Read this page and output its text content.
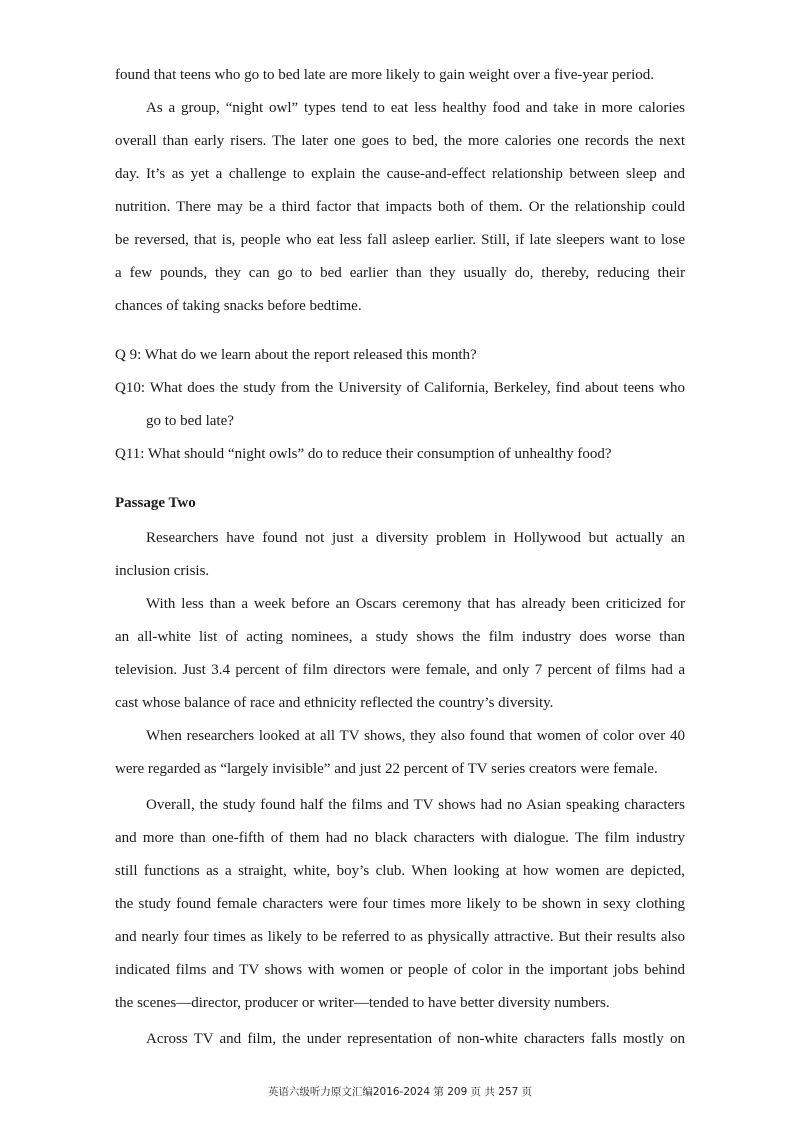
found that teens who go to bed late are more likely to gain weight over a five-year period.
As a group, “night owl” types tend to eat less healthy food and take in more calories
overall than early risers. The later one goes to bed, the more calories one records the next
day. It’s as yet a challenge to explain the cause-and-effect relationship between sleep and
nutrition. There may be a third factor that impacts both of them. Or the relationship could
be reversed, that is, people who eat less fall asleep earlier. Still, if late sleepers want to lose
a few pounds, they can go to bed earlier than they usually do, thereby, reducing their
chances of taking snacks before bedtime.
Q 9: What do we learn about the report released this month?
Q10: What does the study from the University of California, Berkeley, find about teens who
go to bed late?
Q11: What should “night owls” do to reduce their consumption of unhealthy food?
Passage Two
Researchers have found not just a diversity problem in Hollywood but actually an
inclusion crisis.
With less than a week before an Oscars ceremony that has already been criticized for
an all-white list of acting nominees, a study shows the film industry does worse than
television. Just 3.4 percent of film directors were female, and only 7 percent of films had a
cast whose balance of race and ethnicity reflected the country’s diversity.
When researchers looked at all TV shows, they also found that women of color over 40
were regarded as “largely invisible” and just 22 percent of TV series creators were female.
Overall, the study found half the films and TV shows had no Asian speaking characters
and more than one-fifth of them had no black characters with dialogue. The film industry
still functions as a straight, white, boy’s club. When looking at how women are depicted,
the study found female characters were four times more likely to be shown in sexy clothing
and nearly four times as likely to be referred to as physically attractive. But their results also
indicated films and TV shows with women or people of color in the important jobs behind
the scenes—director, producer or writer—tended to have better diversity numbers.
Across TV and film, the under representation of non-white characters falls mostly on
英语六级听力原文汇编2016-2024 第 209 页 共 257 页
